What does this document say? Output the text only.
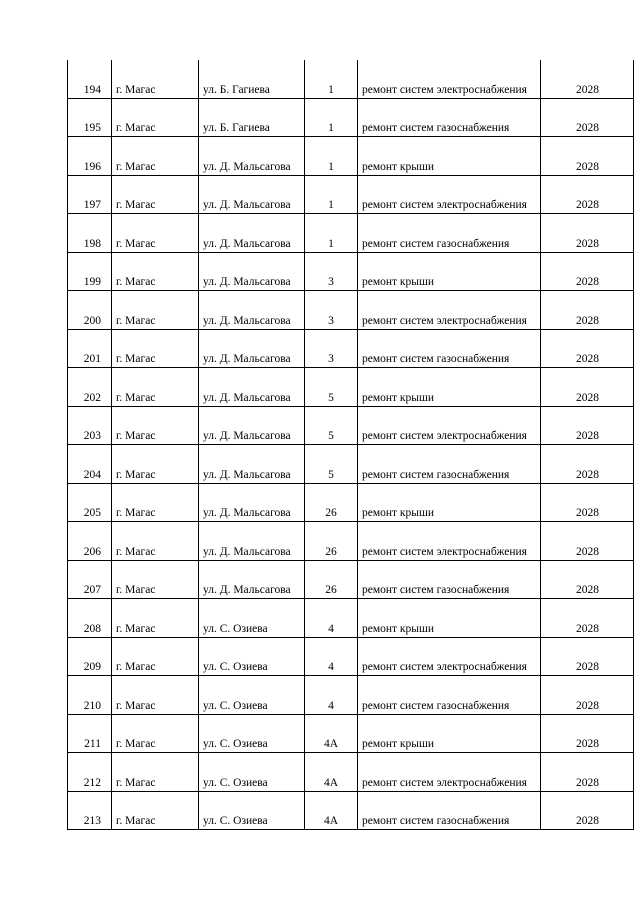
194	г. Магас	ул. Б. Гагиева	1	ремонт систем электроснабжения	2028
195	г. Магас	ул. Б. Гагиева	1	ремонт систем газоснабжения	2028
196	г. Магас	ул. Д. Мальсагова	1	ремонт крыши	2028
197	г. Магас	ул. Д. Мальсагова	1	ремонт систем электроснабжения	2028
198	г. Магас	ул. Д. Мальсагова	1	ремонт систем газоснабжения	2028
199	г. Магас	ул. Д. Мальсагова	3	ремонт крыши	2028
200	г. Магас	ул. Д. Мальсагова	3	ремонт систем электроснабжения	2028
201	г. Магас	ул. Д. Мальсагова	3	ремонт систем газоснабжения	2028
202	г. Магас	ул. Д. Мальсагова	5	ремонт крыши	2028
203	г. Магас	ул. Д. Мальсагова	5	ремонт систем электроснабжения	2028
204	г. Магас	ул. Д. Мальсагова	5	ремонт систем газоснабжения	2028
205	г. Магас	ул. Д. Мальсагова	26	ремонт крыши	2028
206	г. Магас	ул. Д. Мальсагова	26	ремонт систем электроснабжения	2028
207	г. Магас	ул. Д. Мальсагова	26	ремонт систем газоснабжения	2028
208	г. Магас	ул. С. Озиева	4	ремонт крыши	2028
209	г. Магас	ул. С. Озиева	4	ремонт систем электроснабжения	2028
210	г. Магас	ул. С. Озиева	4	ремонт систем газоснабжения	2028
211	г. Магас	ул. С. Озиева	4А	ремонт крыши	2028
212	г. Магас	ул. С. Озиева	4А	ремонт систем электроснабжения	2028
213	г. Магас	ул. С. Озиева	4А	ремонт систем газоснабжения	2028
